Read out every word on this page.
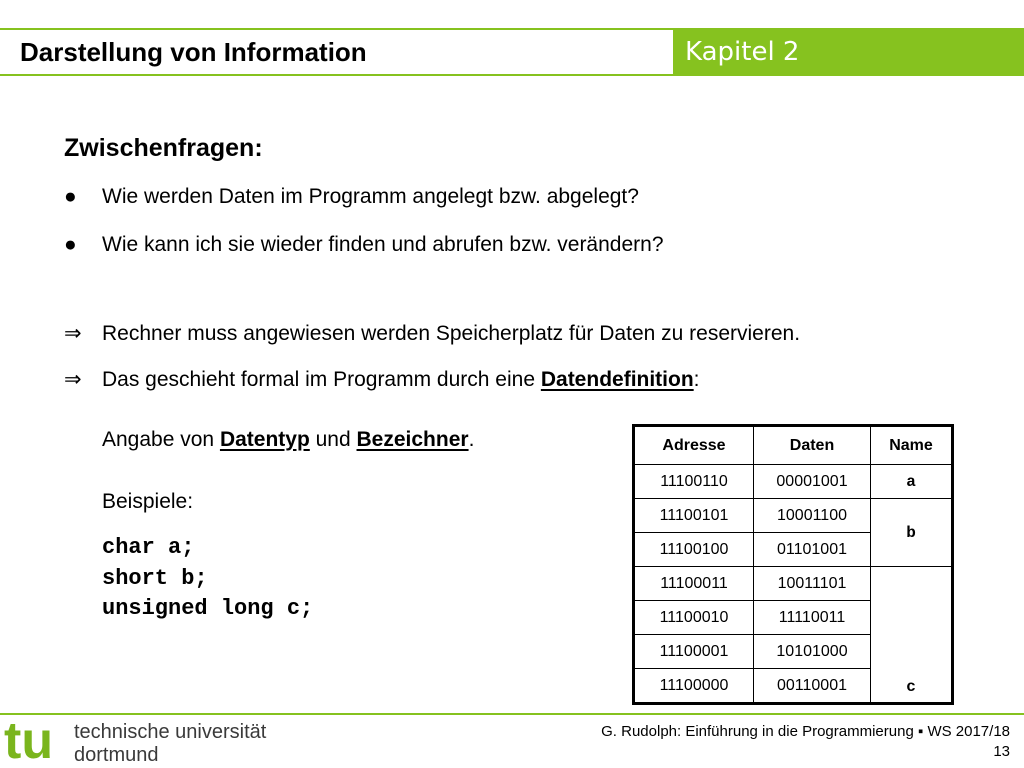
Darstellung von Information	Kapitel 2
Zwischenfragen:
● Wie werden Daten im Programm angelegt bzw. abgelegt?
● Wie kann ich sie wieder finden und abrufen bzw. verändern?
⇒ Rechner muss angewiesen werden Speicherplatz für Daten zu reservieren.
⇒ Das geschieht formal im Programm durch eine Datendefinition:
Angabe von Datentyp und Bezeichner.
Beispiele:
char a;
short b;
unsigned long c;
Adresse	Daten	Name
11100110	00001001	a
11100101	10001100	b
11100100	01101001	
11100011	10011101	c
11100010	11110011	
11100001	10101000	
11100000	00110001	
tu technische universität
dortmund
G. Rudolph: Einführung in die Programmierung ▪ WS 2017/18
13
